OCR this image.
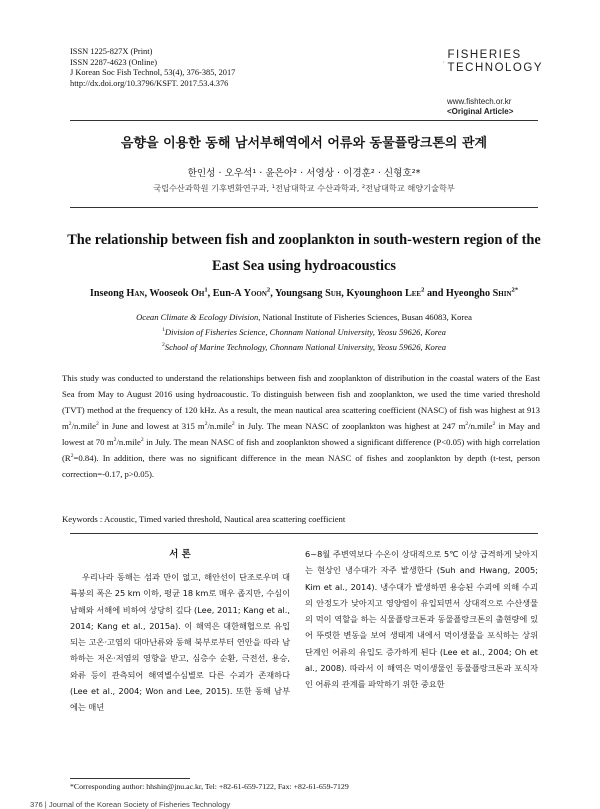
ISSN 1225-827X (Print)
ISSN 2287-4623 (Online)
J Korean Soc Fish Technol, 53(4), 376-385, 2017
http://dx.doi.org/10.3796/KSFT. 2017.53.4.376
FISHERIES
TECHNOLOGY
www.fishtech.or.kr
<Original Article>
음향을 이용한 동해 남서부해역에서 어류와 동물플랑크톤의 관계
한인성 · 오우석¹ · 윤은아² · 서영상 · 이경훈² · 신형호²*
국립수산과학원 기후변화연구과, ¹전남대학교 수산과학과, ²전남대학교 해양기술학부
The relationship between fish and zooplankton in south-western region of the East Sea using hydroacoustics
Inseong Han, Wooseok Oh$^1$, Eun-A Yoon$^2$, Youngsang Suh, Kyounghoon Lee$^2$ and Hyeongho Shin$^{2*}$
Ocean Climate & Ecology Division, National Institute of Fisheries Sciences, Busan 46083, Korea
$^1$Division of Fisheries Science, Chonnam National University, Yeosu 59626, Korea
$^2$School of Marine Technology, Chonnam National University, Yeosu 59626, Korea
This study was conducted to understand the relationships between fish and zooplankton of distribution in the coastal waters of the East Sea from May to August 2016 using hydroacoustic. To distinguish between fish and zooplankton, we used the time varied threshold (TVT) method at the frequency of 120 kHz. As a result, the mean nautical area scattering coefficient (NASC) of fish was highest at 913 $m^2/n.mile^2$ in June and lowest at 315 $m^2/n.mile^2$ in July. The mean NASC of zooplankton was highest at 247 $m^2/n.mile^2$ in May and lowest at 70 $m^2/n.mile^2$ in July. The mean NASC of fish and zooplankton showed a significant difference (P<0.05) with high correlation $(R^2=0.84)$. In addition, there was no significant difference in the mean NASC of fishes and zooplankton by depth (t-test, person correction=-0.17, p>0.05).
Keywords : Acoustic, Timed varied threshold, Nautical area scattering coefficient
서 론
우리나라 동해는 섬과 만이 없고, 해안선이 단조로우며 대륙붕의 폭은 25 km 이하, 평균 18 km로 매우 좁지만, 수심이 남해와 서해에 비하여 상당히 깊다 (Lee, 2011; Kang et al., 2014; Kang et al., 2015a). 이 해역은 대한해협으로 유입되는 고온·고염의 대마난류와 동해 북부로부터 연안을 따라 남하하는 저온·저염의 영향을 받고, 심층수 순환, 극전선, 용승, 와류 등이 관측되어 해역별수심별로 다른 수괴가 존재하다 (Lee et al., 2004; Won and Lee, 2015). 또한 동해 남부에는 매년
6~8월 주변역보다 수온이 상대적으로 5℃ 이상 급격하게 낮아지는 현상인 냉수대가 자주 발생한다 (Suh and Hwang, 2005; Kim et al., 2014). 냉수대가 발생하면 용승된 수괴에 의해 수괴의 안정도가 낮아지고 영양염이 유입되면서 상대적으로 수산생물의 먹이 역할을 하는 식물플랑크톤과 동물플랑크톤의 출현량에 있어 뚜렷한 변동을 보여 생태계 내에서 먹이생물을 포식하는 상위 단계인 어류의 유입도 증가하게 된다 (Lee et al., 2004; Oh et al., 2008). 따라서 이 해역은 먹이생물인 동물플랑크톤과 포식자인 어류의 관계를 파악하기 위한 중요한
*Corresponding author: hhshin@jnu.ac.kr, Tel: +82-61-659-7122, Fax: +82-61-659-7129
376 | Journal of the Korean Society of Fisheries Technology
